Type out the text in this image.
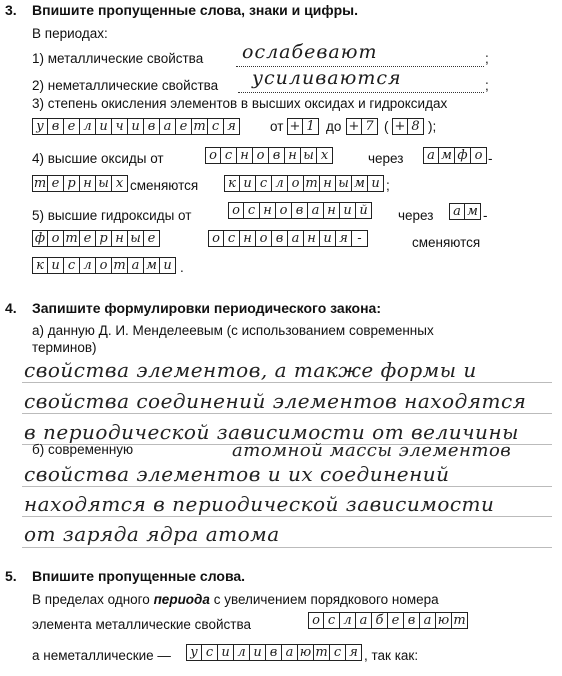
3. Впишите пропущенные слова, знаки и цифры.
В периодах:
1) металлические свойства ослабевают	;
2) неметаллические свойства усиливаются	;
3) степень окисления элементов в высших оксидах и гидроксидах
у в е л и ч и в а е т с я	от + 1 до + 7 ( + 8 );
4) высшие оксиды от	о с н о в н ы х	через	а м ф о -
т е р н ы х сменяются	к и с л о т н ы м и ;
5) высшие гидроксиды от	о с н о в а н и й	через	а м -
ф о т е р н ы е	о с н о в а н и я -	сменяются
к и с л о т а м и .
4. Запишите формулировки периодического закона:
а) данную Д. И. Менделеевым (с использованием современных
терминов)
свойства элементов, а также формы и
свойства соединений элементов находятся
в периодической зависимости от величины
б) современную	атомной массы элементов
свойства элементов и их соединений
находятся в периодической зависимости
от заряда ядра атома
5. Впишите пропущенные слова.
В пределах одного периода с увеличением порядкового номера
элемента металлические свойства	о с л а б е в а ю т
а неметаллические —	у с и л и в а ю т с я , так как:
